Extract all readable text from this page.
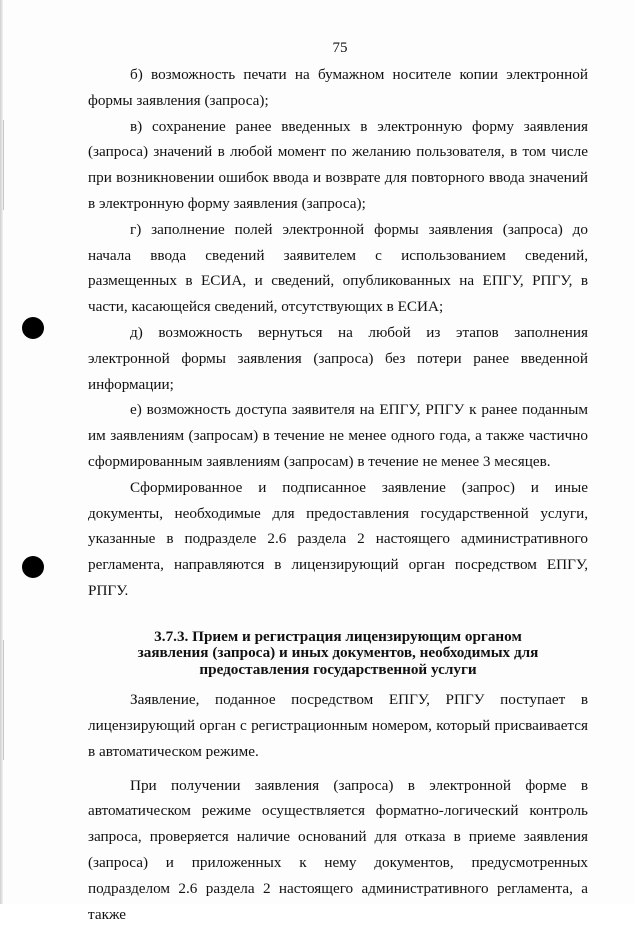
75

б) возможность печати на бумажном носителе копии электронной формы заявления (запроса);

в) сохранение ранее введенных в электронную форму заявления (запроса) значений в любой момент по желанию пользователя, в том числе при возникновении ошибок ввода и возврате для повторного ввода значений в электронную форму заявления (запроса);

г) заполнение полей электронной формы заявления (запроса) до начала ввода сведений заявителем с использованием сведений, размещенных в ЕСИА, и сведений, опубликованных на ЕПГУ, РПГУ, в части, касающейся сведений, отсутствующих в ЕСИА;

д) возможность вернуться на любой из этапов заполнения электронной формы заявления (запроса) без потери ранее введенной информации;

е) возможность доступа заявителя на ЕПГУ, РПГУ к ранее поданным им заявлениям (запросам) в течение не менее одного года, а также частично сформированным заявлениям (запросам) в течение не менее 3 месяцев.

Сформированное и подписанное заявление (запрос) и иные документы, необходимые для предоставления государственной услуги, указанные в подразделе 2.6 раздела 2 настоящего административного регламента, направляются в лицензирующий орган посредством ЕПГУ, РПГУ.

3.7.3. Прием и регистрация лицензирующим органом заявления (запроса) и иных документов, необходимых для предоставления государственной услуги

Заявление, поданное посредством ЕПГУ, РПГУ поступает в лицензирующий орган с регистрационным номером, который присваивается в автоматическом режиме.

При получении заявления (запроса) в электронной форме в автоматическом режиме осуществляется форматно-логический контроль запроса, проверяется наличие оснований для отказа в приеме заявления (запроса) и приложенных к нему документов, предусмотренных подразделом 2.6 раздела 2 настоящего административного регламента, а также
